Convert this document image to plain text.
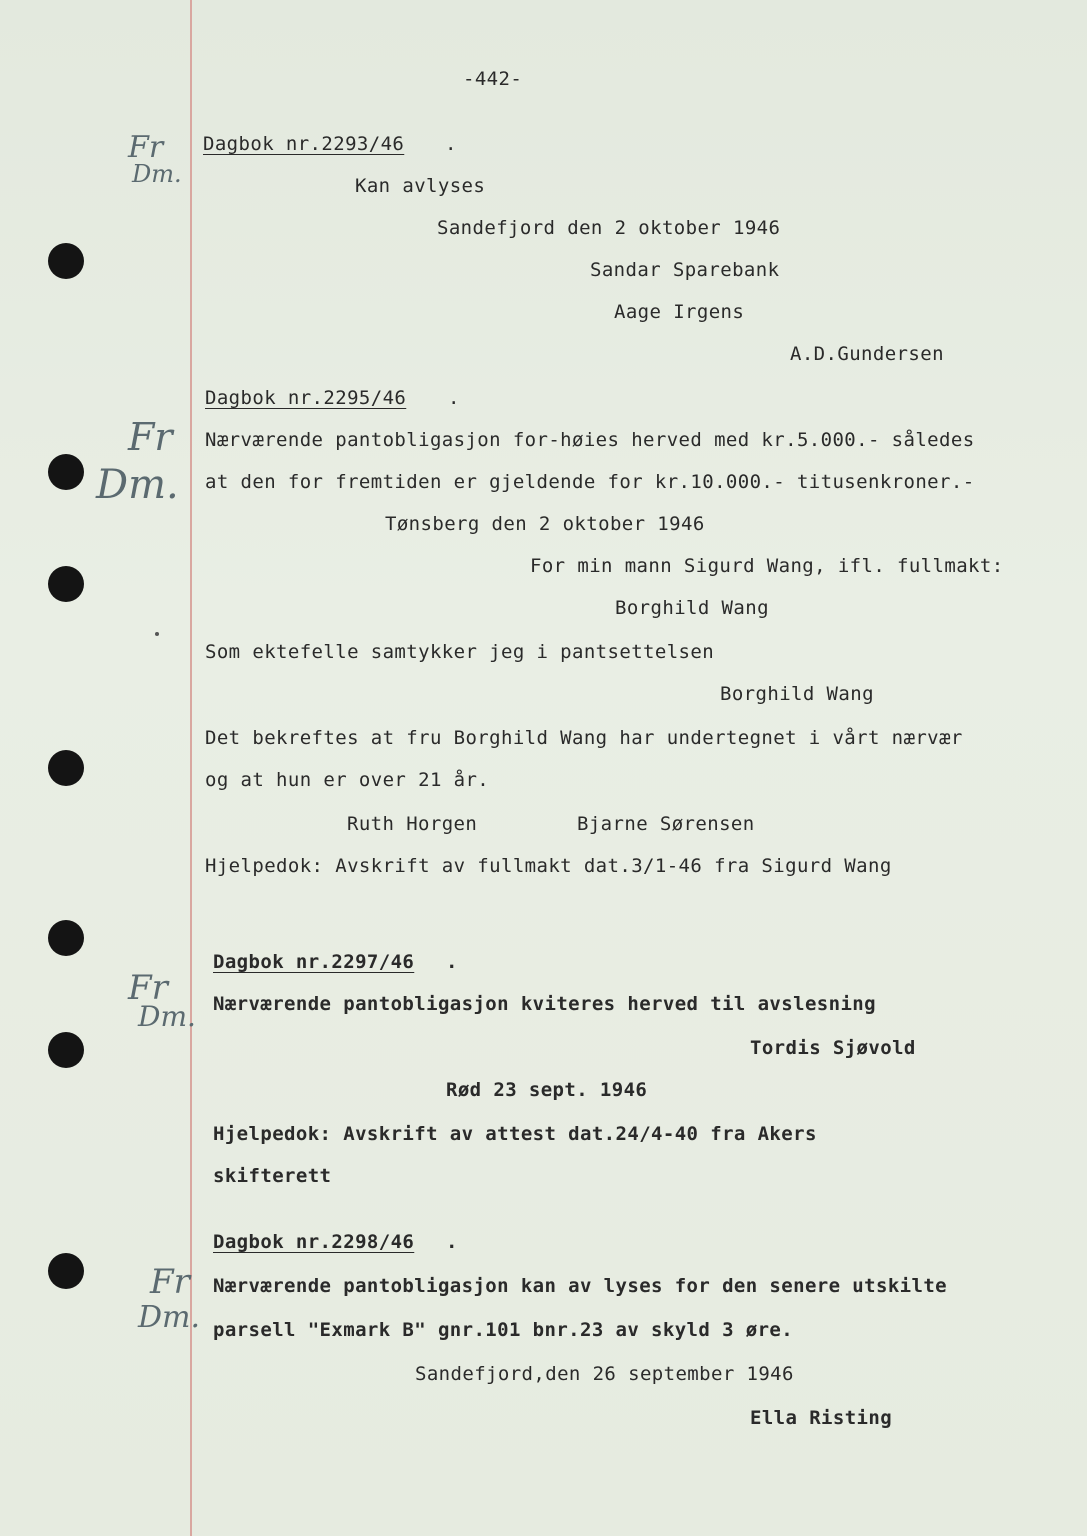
-442-
Fr
Dm.
Dagbok nr.2293/46 .
Kan avlyses
Sandefjord den 2 oktober 1946
Sandar Sparebank
Aage Irgens
A.D.Gundersen
Fr
Dm.
Dagbok nr.2295/46 .
Nærværende pantobligasjon for-høies herved med kr.5.000.- således
at den for fremtiden er gjeldende for kr.10.000.- titusenkroner.-
Tønsberg den 2 oktober 1946
For min mann Sigurd Wang, ifl. fullmakt:
Borghild Wang
Som ektefelle samtykker jeg i pantsettelsen
Borghild Wang
Det bekreftes at fru Borghild Wang har undertegnet i vårt nærvær
og at hun er over 21 år.
Ruth Horgen	Bjarne Sørensen
Hjelpedok: Avskrift av fullmakt dat.3/1-46 fra Sigurd Wang
Fr
Dm.
Dagbok nr.2297/46 .
Nærværende pantobligasjon kviteres herved til avslesning
Tordis Sjøvold
Rød 23 sept. 1946
Hjelpedok: Avskrift av attest dat.24/4-40 fra Akers
skifterett
Fr
Dm.
Dagbok nr.2298/46 .
Nærværende pantobligasjon kan av lyses for den senere utskilte
parsell "Exmark B" gnr.101 bnr.23 av skyld 3 øre.
Sandefjord,den 26 september 1946
Ella Risting
